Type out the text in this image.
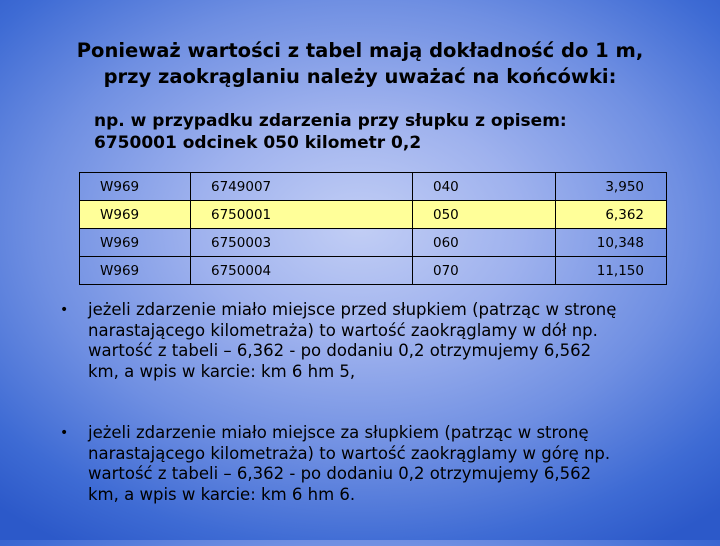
Ponieważ wartości z tabel mają dokładność do 1 m,
przy zaokrąglaniu należy uważać na końcówki:
np. w przypadku zdarzenia przy słupku z opisem:
6750001 odcinek 050 kilometr 0,2
W969	6749007	040	3,950
W969	6750001	050	6,362
W969	6750003	060	10,348
W969	6750004	070	11,150
• jeżeli zdarzenie miało miejsce przed słupkiem (patrząc w stronę
narastającego kilometraża) to wartość zaokrąglamy w dół np.
wartość z tabeli – 6,362 - po dodaniu 0,2 otrzymujemy 6,562
km, a wpis w karcie: km 6 hm 5,
• jeżeli zdarzenie miało miejsce za słupkiem (patrząc w stronę
narastającego kilometraża) to wartość zaokrąglamy w górę np.
wartość z tabeli – 6,362 - po dodaniu 0,2 otrzymujemy 6,562
km, a wpis w karcie: km 6 hm 6.
